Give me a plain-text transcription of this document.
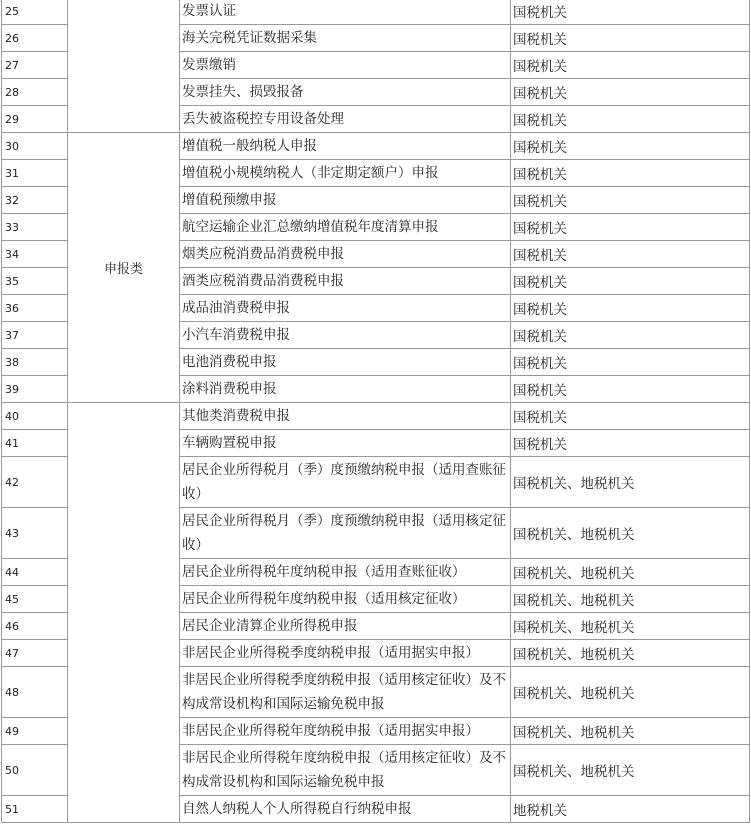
25		发票认证	国税机关
26		海关完税凭证数据采集	国税机关
27		发票缴销	国税机关
28		发票挂失、损毁报备	国税机关
29		丢失被盗税控专用设备处理	国税机关
30	申报类	增值税一般纳税人申报	国税机关
31		增值税小规模纳税人（非定期定额户）申报	国税机关
32		增值税预缴申报	国税机关
33		航空运输企业汇总缴纳增值税年度清算申报	国税机关
34		烟类应税消费品消费税申报	国税机关
35		酒类应税消费品消费税申报	国税机关
36		成品油消费税申报	国税机关
37		小汽车消费税申报	国税机关
38		电池消费税申报	国税机关
39		涂料消费税申报	国税机关
40		其他类消费税申报	国税机关
41		车辆购置税申报	国税机关
42		居民企业所得税月（季）度预缴纳税申报（适用查账征收）	国税机关、地税机关
43		居民企业所得税月（季）度预缴纳税申报（适用核定征收）	国税机关、地税机关
44		居民企业所得税年度纳税申报（适用查账征收）	国税机关、地税机关
45		居民企业所得税年度纳税申报（适用核定征收）	国税机关、地税机关
46		居民企业清算企业所得税申报	国税机关、地税机关
47		非居民企业所得税季度纳税申报（适用据实申报）	国税机关、地税机关
48		非居民企业所得税季度纳税申报（适用核定征收）及不构成常设机构和国际运输免税申报	国税机关、地税机关
49		非居民企业所得税年度纳税申报（适用据实申报）	国税机关、地税机关
50		非居民企业所得税年度纳税申报（适用核定征收）及不构成常设机构和国际运输免税申报	国税机关、地税机关
51		自然人纳税人个人所得税自行纳税申报	地税机关
